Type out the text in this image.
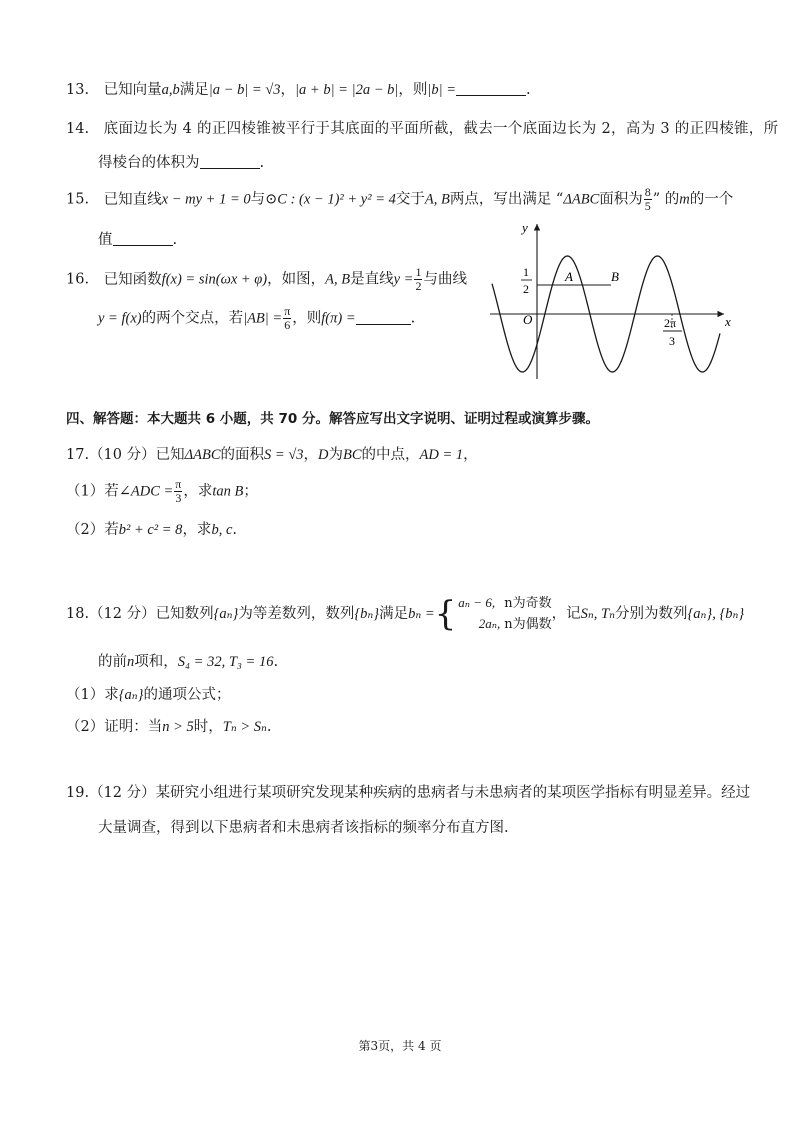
13. 已知向量a,b满足|a − b| = √3，|a + b| = |2a − b|，则|b| =	.
14. 底面边长为 4 的正四棱锥被平行于其底面的平面所截，截去一个底面边长为 2，高为 3 的正四棱锥，所
得棱台的体积为	.
15. 已知直线x − my + 1 = 0与⊙C : (x − 1)² + y² = 4交于A, B两点，写出满足 “ΔABC面积为 $\frac{8}{5}$ ” 的m的一个
值	.
16. 已知函数f(x) = sin(ωx + φ)，如图，A, B是直线$y = \frac{1}{2}$ 与曲线
y = f(x)的两个交点，若$|AB| = \frac{\pi}{6}$ ，则f(π) =	.
y
x
O
1
2
A	B
2π
3
四、解答题：本大题共 6 小题，共 70 分。解答应写出文字说明、证明过程或演算步骤。
17.（10 分）已知ΔABC的面积S = √3，D为BC的中点，AD = 1，
（1）若∠ADC = $\frac{\pi}{3}$ ，求tan B；
（2）若b² + c² = 8，求b, c.
18.（12 分）已知数列{aₙ}为等差数列，数列{bₙ}满足bₙ = { aₙ − 6, n为奇数
2aₙ, n为偶数
，记Sₙ, Tₙ分别为数列{aₙ}, {bₙ}
的前n项和，S₄ = 32, T₃ = 16.
（1）求{aₙ}的通项公式；
（2）证明：当n > 5时，Tₙ > Sₙ.
19.（12 分）某研究小组进行某项研究发现某种疾病的患病者与未患病者的某项医学指标有明显差异。经过
大量调查，得到以下患病者和未患病者该指标的频率分布直方图.
第3页，共 4 页
